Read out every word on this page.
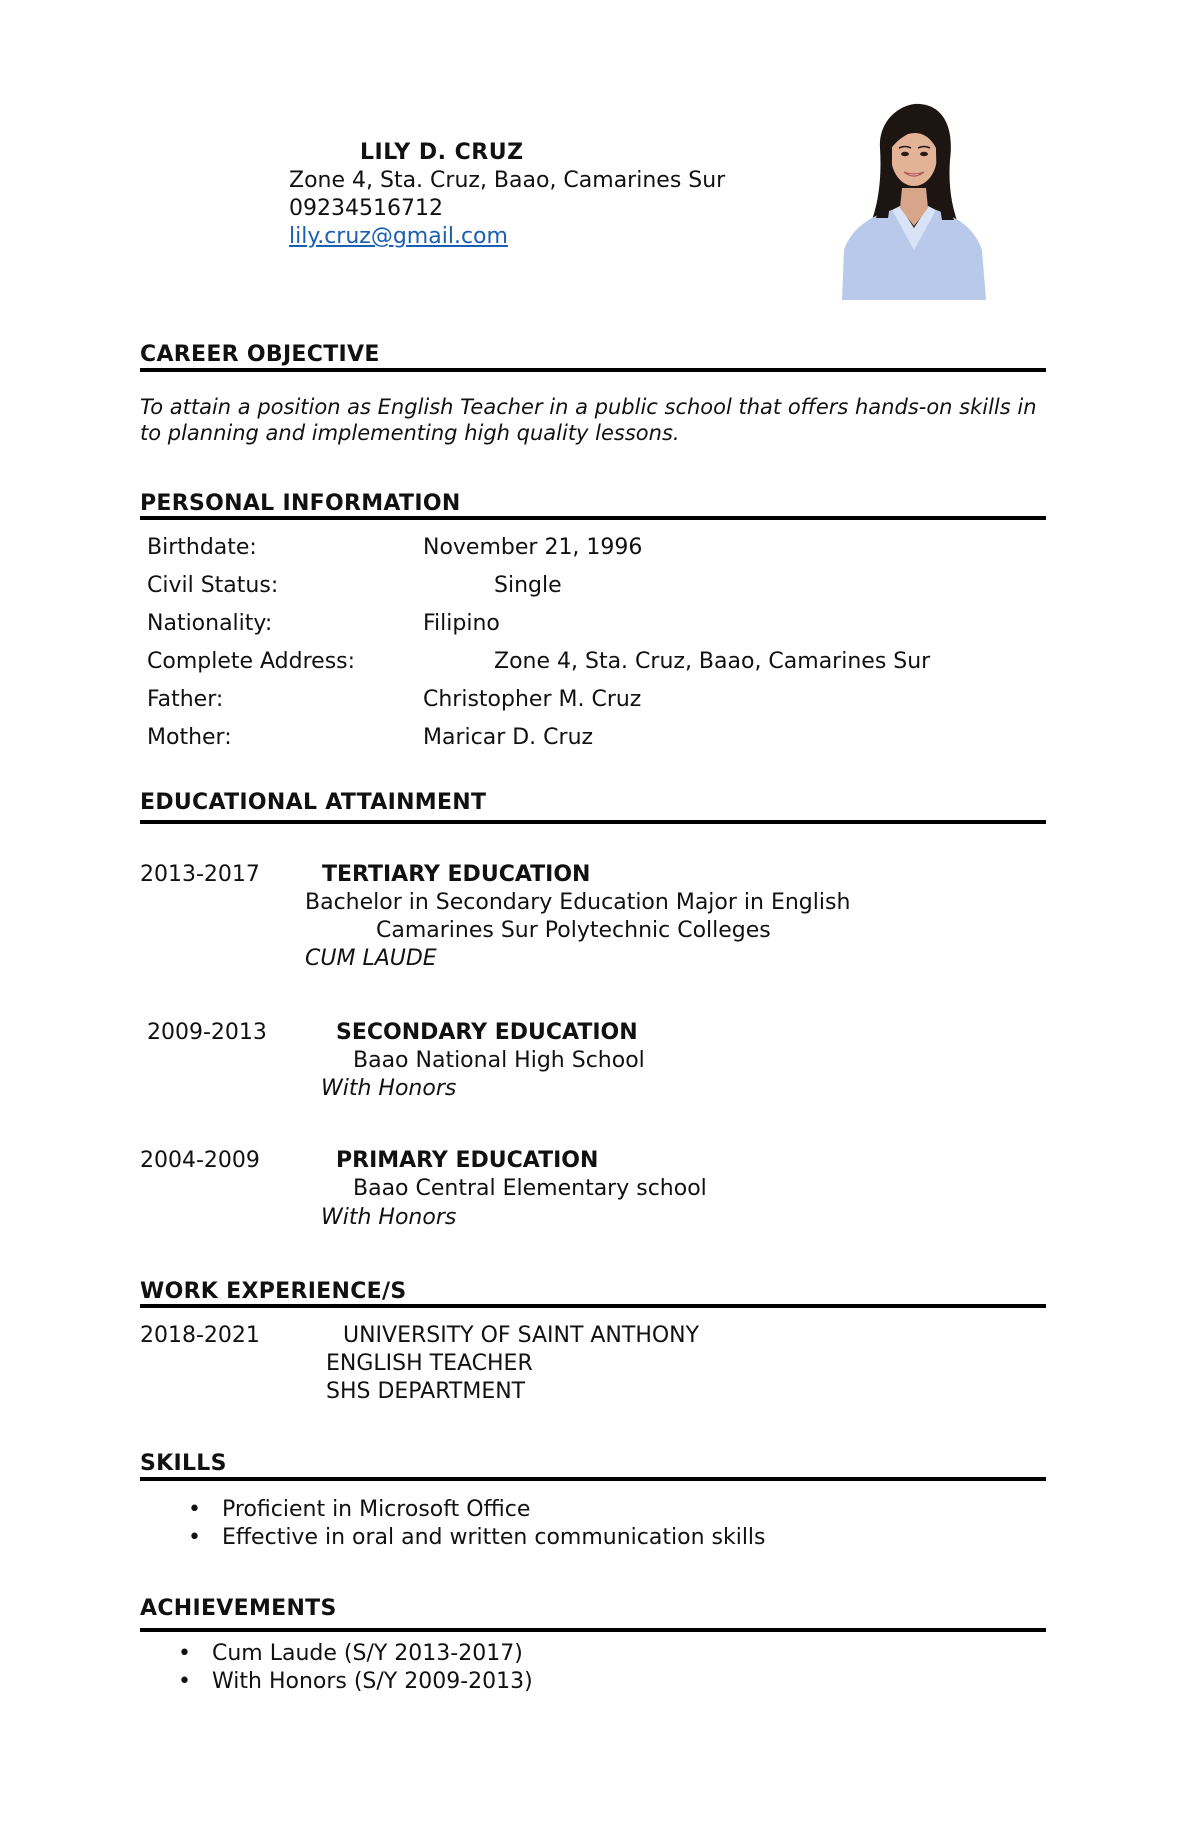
LILY D. CRUZ
Zone 4, Sta. Cruz, Baao, Camarines Sur
09234516712
lily.cruz@gmail.com
CAREER OBJECTIVE
To attain a position as English Teacher in a public school that offers hands-on skills in to planning and implementing high quality lessons.
PERSONAL INFORMATION
Birthdate:	November 21, 1996
Civil Status:	Single
Nationality:	Filipino
Complete Address:	Zone 4, Sta. Cruz, Baao, Camarines Sur
Father:	Christopher M. Cruz
Mother:	Maricar D. Cruz
EDUCATIONAL ATTAINMENT
2013-2017	TERTIARY EDUCATION
Bachelor in Secondary Education Major in English
Camarines Sur Polytechnic Colleges
CUM LAUDE
2009-2013	SECONDARY EDUCATION
Baao National High School
With Honors
2004-2009	PRIMARY EDUCATION
Baao Central Elementary school
With Honors
WORK EXPERIENCE/S
2018-2021	UNIVERSITY OF SAINT ANTHONY
ENGLISH TEACHER
SHS DEPARTMENT
SKILLS
• Proficient in Microsoft Office
• Effective in oral and written communication skills
ACHIEVEMENTS
• Cum Laude (S/Y 2013-2017)
• With Honors (S/Y 2009-2013)
